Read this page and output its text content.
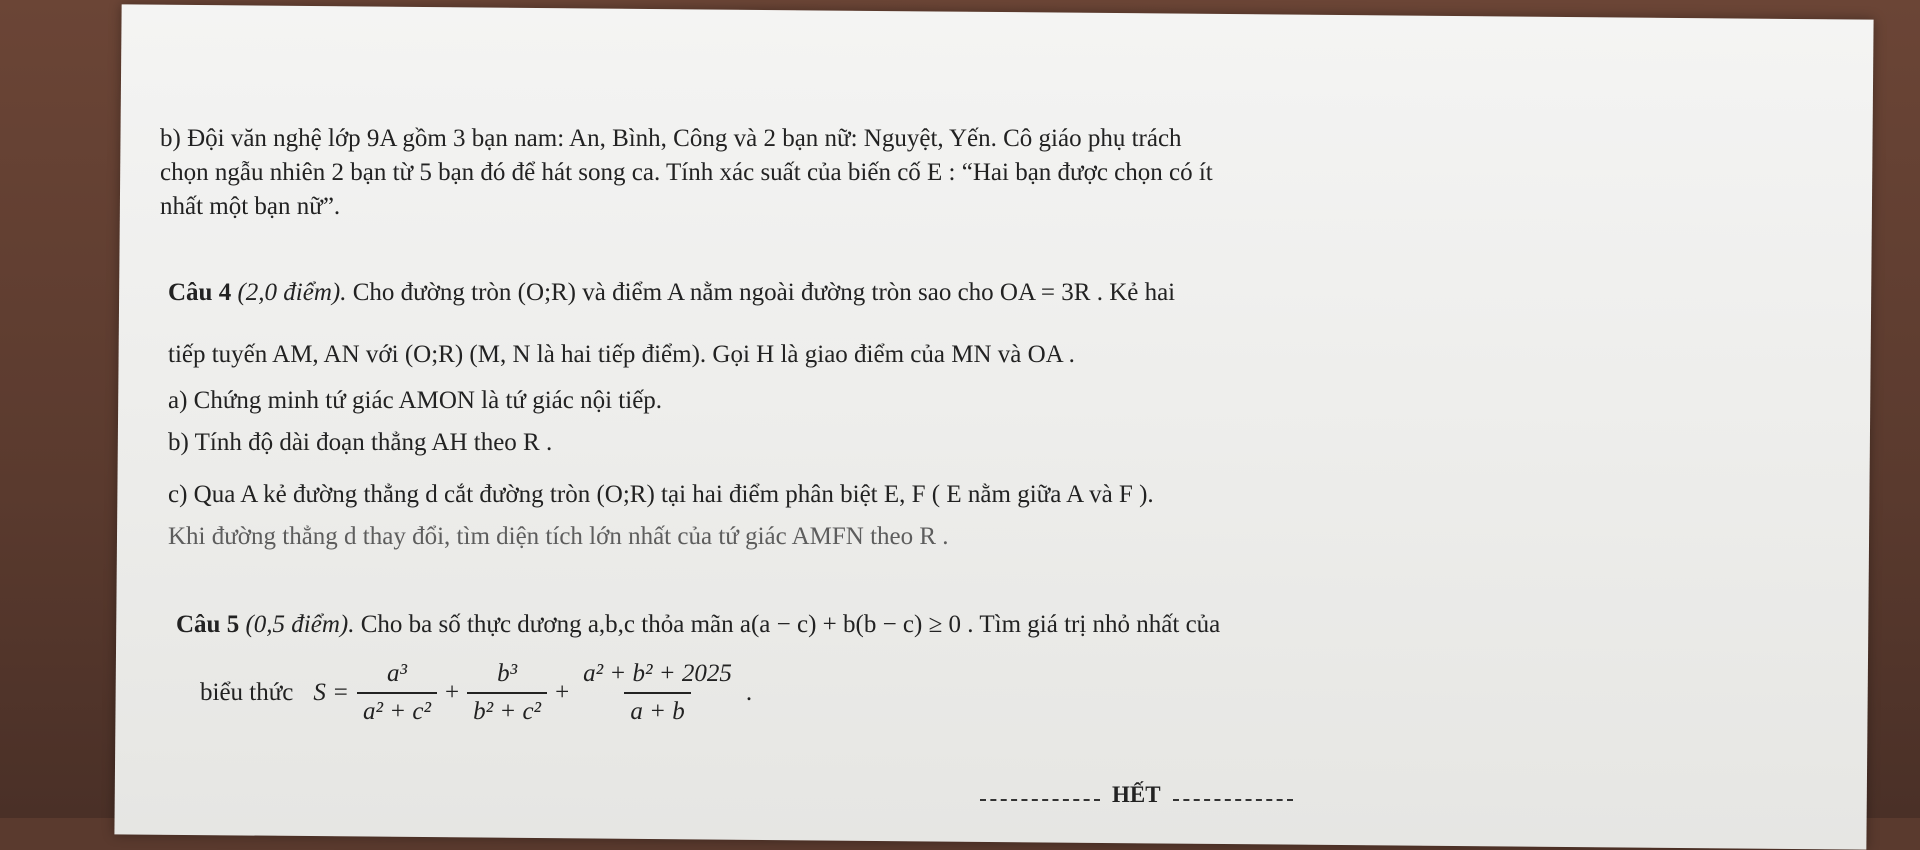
b) Đội văn nghệ lớp 9A gồm 3 bạn nam: An, Bình, Công và 2 bạn nữ: Nguyệt, Yến. Cô giáo phụ trách
chọn ngẫu nhiên 2 bạn từ 5 bạn đó để hát song ca. Tính xác suất của biến cố E : “Hai bạn được chọn có ít
nhất một bạn nữ”.
Câu 4 (2,0 điểm). Cho đường tròn (O;R) và điểm A nằm ngoài đường tròn sao cho OA = 3R . Kẻ hai
tiếp tuyến AM, AN với (O;R) (M, N là hai tiếp điểm). Gọi H là giao điểm của MN và OA .
a) Chứng minh tứ giác AMON là tứ giác nội tiếp.
b) Tính độ dài đoạn thẳng AH theo R .
c) Qua A kẻ đường thẳng d cắt đường tròn (O;R) tại hai điểm phân biệt E, F ( E nằm giữa A và F ).
Khi đường thẳng d thay đổi, tìm diện tích lớn nhất của tứ giác AMFN theo R .
Câu 5 (0,5 điểm). Cho ba số thực dương a,b,c thỏa mãn a(a − c) + b(b − c) ≥ 0 . Tìm giá trị nhỏ nhất của
biểu thức $S = \frac{\text{a³}}{\text{a² + c²}} + \frac{\text{b³}}{\text{b² + c²}} + \frac{\text{a² + b² + 2025}}{a + b}$ .
HẾT
